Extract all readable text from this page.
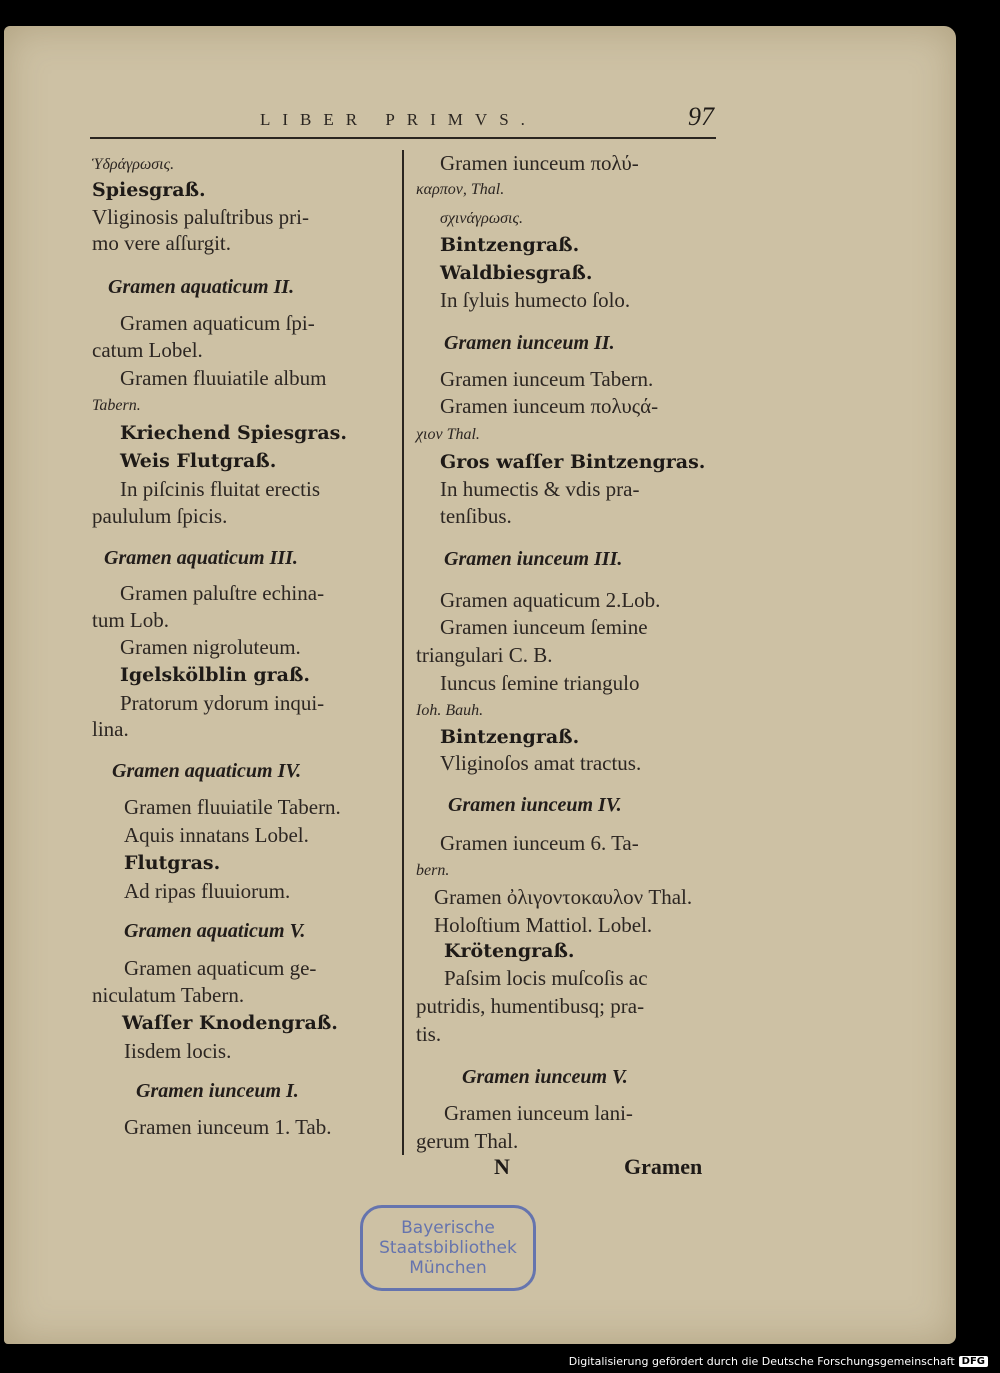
LIBER PRIMVS.	97
Ὑδράγρωσις.
Spiesgraß.
Vliginosis paluſtribus pri-
mo vere aſſurgit.
Gramen aquaticum II.
Gramen aquaticum ſpi-
catum Lobel.
Gramen fluuiatile album
Tabern.
Kriechend Spiesgras.
Weis Flutgraß.
In piſcinis fluitat erectis
paululum ſpicis.
Gramen aquaticum III.
Gramen paluſtre echina-
tum Lob.
Gramen nigroluteum.
Igelskölblin graß.
Pratorum ydorum inqui-
lina.
Gramen aquaticum IV.
Gramen fluuiatile Tabern.
Aquis innatans Lobel.
Flutgras.
Ad ripas fluuiorum.
Gramen aquaticum V.
Gramen aquaticum ge-
niculatum Tabern.
Waſſer Knodengraß.
Iisdem locis.
Gramen iunceum I.
Gramen iunceum 1. Tab.
Gramen iunceum πολύ-
καρπον, Thal.
σχινάγρωσις.
Bintzengraß.
Waldbiesgraß.
In ſyluis humecto ſolo.
Gramen iunceum II.
Gramen iunceum Tabern.
Gramen iunceum πολυςά-
χιον Thal.
Gros waſſer Bintzengras.
In humectis & vdis pra-
tenſibus.
Gramen iunceum III.
Gramen aquaticum 2.Lob.
Gramen iunceum ſemine
triangulari C. B.
Iuncus ſemine triangulo
Ioh. Bauh.
Bintzengraß.
Vliginoſos amat tractus.
Gramen iunceum IV.
Gramen iunceum 6. Ta-
bern.
Gramen ὀλιγοντοκαυλον Thal.
Holoſtium Mattiol. Lobel.
Krötengraß.
Paſsim locis muſcoſis ac
putridis, humentibusq; pra-
tis.
Gramen iunceum V.
Gramen iunceum lani-
gerum Thal.
N	Gramen
Bayerische
Staatsbibliothek
München
Digitalisierung gefördert durch die Deutsche Forschungsgemeinschaft DFG
